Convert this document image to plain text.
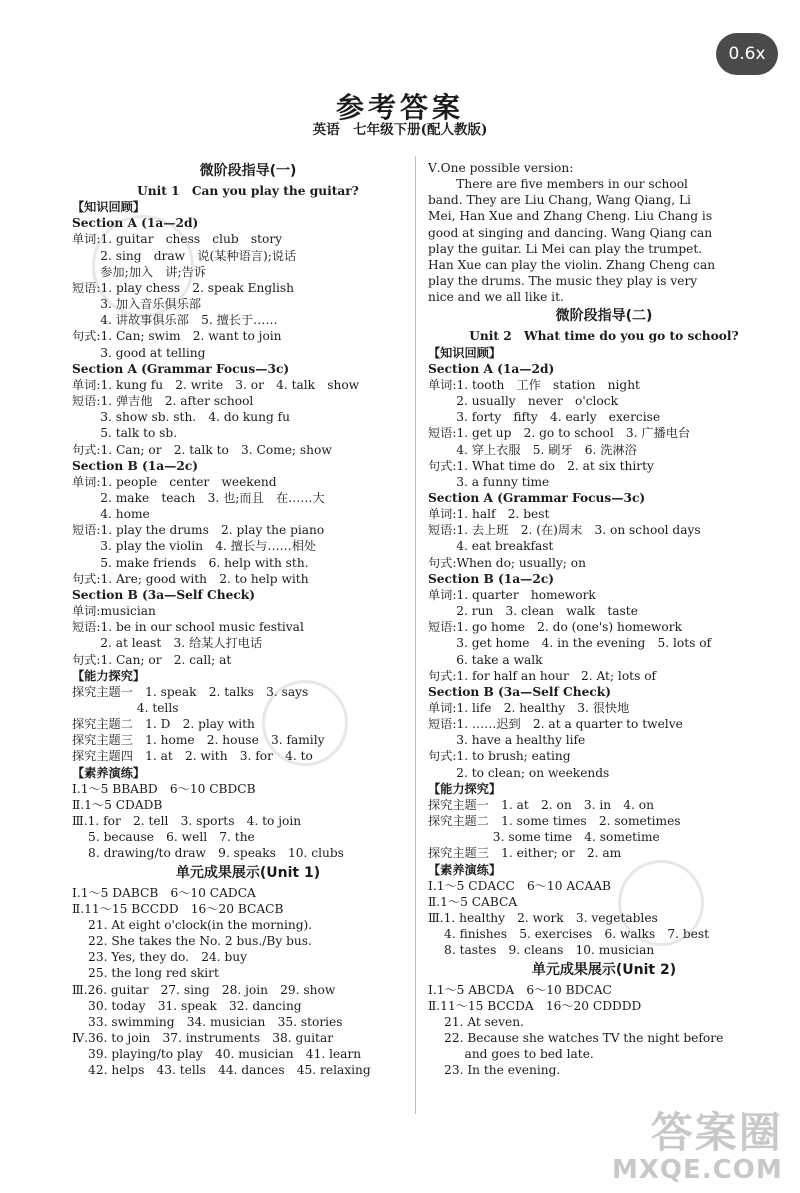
0.6x
参考答案
英语　七年级下册(配人教版)
微阶段指导(一)
Unit 1　Can you play the guitar?
【知识回顾】
Section A (1a—2d)
单词:1. guitar　chess　club　story
　　 2. sing　draw　说(某种语言);说话
　　 参加;加入　讲;告诉
短语:1. play chess　2. speak English
　　 3. 加入音乐俱乐部
　　 4. 讲故事俱乐部　5. 擅长于……
句式:1. Can; swim　2. want to join
　　 3. good at telling
Section A (Grammar Focus—3c)
单词:1. kung fu　2. write　3. or　4. talk　show
短语:1. 弹吉他　2. after school
　　 3. show sb. sth.　4. do kung fu
　　 5. talk to sb.
句式:1. Can; or　2. talk to　3. Come; show
Section B (1a—2c)
单词:1. people　center　weekend
　　 2. make　teach　3. 也;而且　在……大
　　 4. home
短语:1. play the drums　2. play the piano
　　 3. play the violin　4. 擅长与……相处
　　 5. make friends　6. help with sth.
句式:1. Are; good with　2. to help with
Section B (3a—Self Check)
单词:musician
短语:1. be in our school music festival
　　 2. at least　3. 给某人打电话
句式:1. Can; or　2. call; at
【能力探究】
探究主题一　1. speak　2. talks　3. says
　　　　　 4. tells
探究主题二　1. D　2. play with
探究主题三　1. home　2. house　3. family
探究主题四　1. at　2. with　3. for　4. to
【素养演练】
Ⅰ.1～5 BBABD　6～10 CBDCB
Ⅱ.1～5 CDADB
Ⅲ.1. for　2. tell　3. sports　4. to join
　 5. because　6. well　7. the
　 8. drawing/to draw　9. speaks　10. clubs
单元成果展示(Unit 1)
Ⅰ.1～5 DABCB　6～10 CADCA
Ⅱ.11～15 BCCDD　16～20 BCACB
　 21. At eight o'clock(in the morning).
　 22. She takes the No. 2 bus./By bus.
　 23. Yes, they do.　24. buy
　 25. the long red skirt
Ⅲ.26. guitar　27. sing　28. join　29. show
　 30. today　31. speak　32. dancing
　 33. swimming　34. musician　35. stories
Ⅳ.36. to join　37. instruments　38. guitar
　 39. playing/to play　40. musician　41. learn
　 42. helps　43. tells　44. dances　45. relaxing
Ⅴ.One possible version:
　　 There are five members in our school
band. They are Liu Chang, Wang Qiang, Li
Mei, Han Xue and Zhang Cheng. Liu Chang is
good at singing and dancing. Wang Qiang can
play the guitar. Li Mei can play the trumpet.
Han Xue can play the violin. Zhang Cheng can
play the drums. The music they play is very
nice and we all like it.
微阶段指导(二)
Unit 2　What time do you go to school?
【知识回顾】
Section A (1a—2d)
单词:1. tooth　工作　station　night
　　 2. usually　never　o'clock
　　 3. forty　fifty　4. early　exercise
短语:1. get up　2. go to school　3. 广播电台
　　 4. 穿上衣服　5. 刷牙　6. 洗淋浴
句式:1. What time do　2. at six thirty
　　 3. a funny time
Section A (Grammar Focus—3c)
单词:1. half　2. best
短语:1. 去上班　2. (在)周末　3. on school days
　　 4. eat breakfast
句式:When do; usually; on
Section B (1a—2c)
单词:1. quarter　homework
　　 2. run　3. clean　walk　taste
短语:1. go home　2. do (one's) homework
　　 3. get home　4. in the evening　5. lots of
　　 6. take a walk
句式:1. for half an hour　2. At; lots of
Section B (3a—Self Check)
单词:1. life　2. healthy　3. 很快地
短语:1. ……迟到　2. at a quarter to twelve
　　 3. have a healthy life
句式:1. to brush; eating
　　 2. to clean; on weekends
【能力探究】
探究主题一　1. at　2. on　3. in　4. on
探究主题二　1. some times　2. sometimes
　　　　　 3. some time　4. sometime
探究主题三　1. either; or　2. am
【素养演练】
Ⅰ.1～5 CDACC　6～10 ACAAB
Ⅱ.1～5 CABCA
Ⅲ.1. healthy　2. work　3. vegetables
　 4. finishes　5. exercises　6. walks　7. best
　 8. tastes　9. cleans　10. musician
单元成果展示(Unit 2)
Ⅰ.1～5 ABCDA　6～10 BDCAC
Ⅱ.11～15 BCCDA　16～20 CDDDD
　 21. At seven.
　 22. Because she watches TV the night before
　　　and goes to bed late.
　 23. In the evening.
答案圈
MXQE.COM
